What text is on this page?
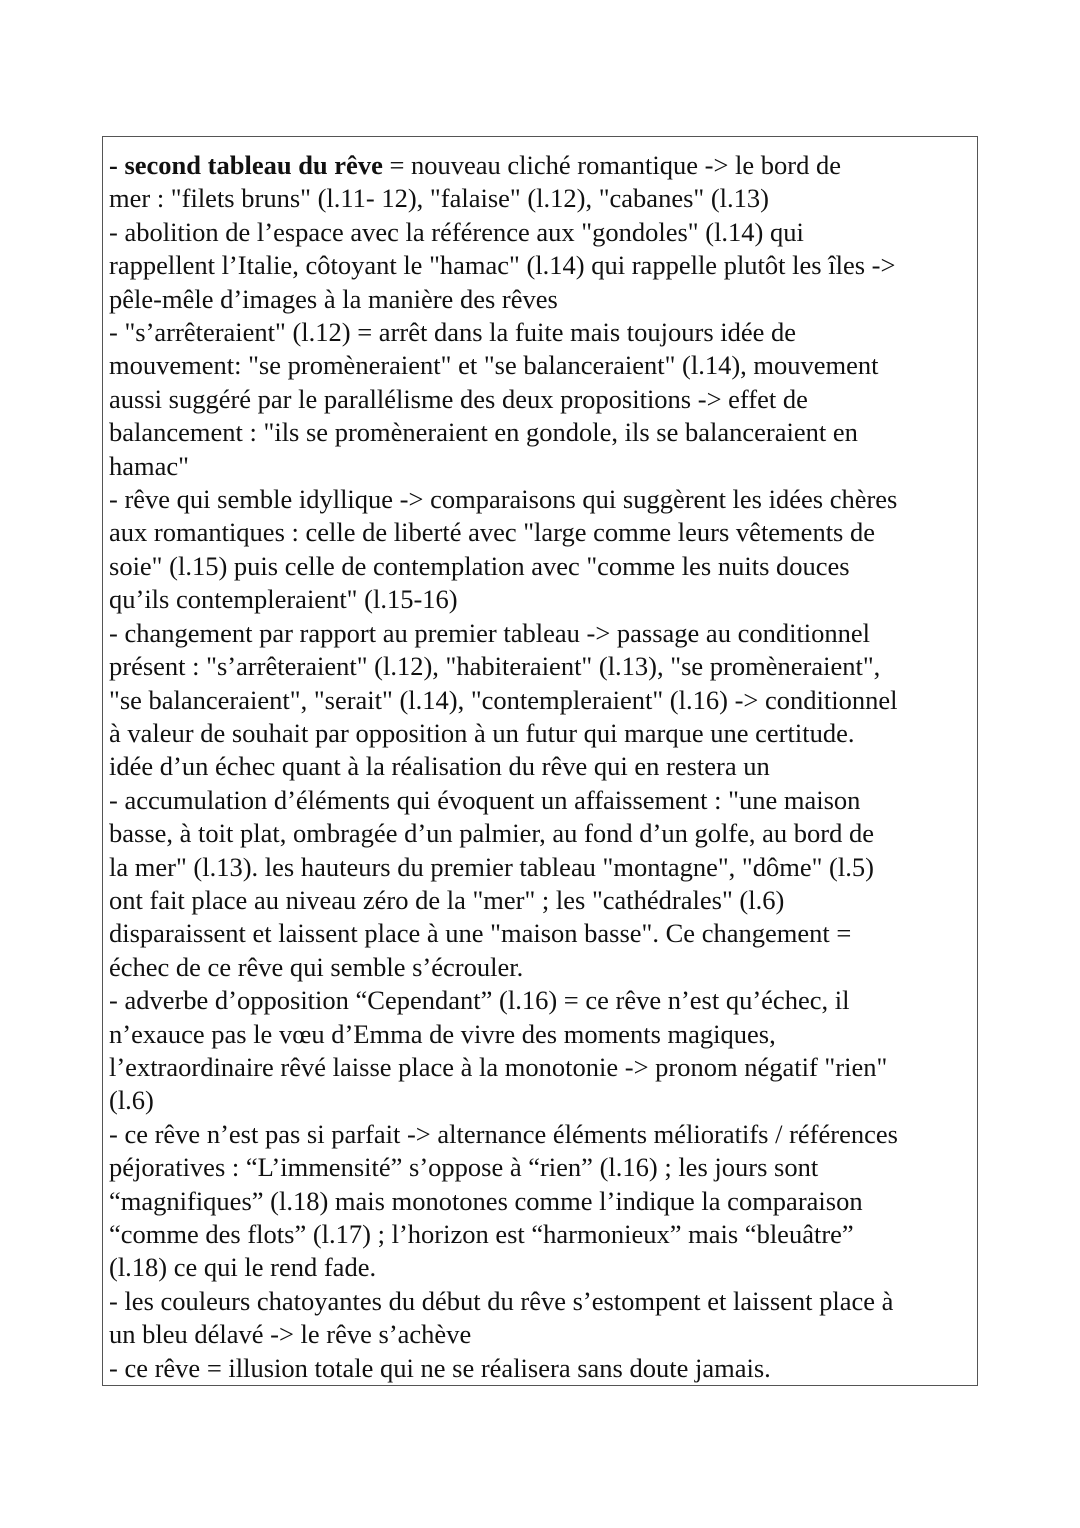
- second tableau du rêve = nouveau cliché romantique -> le bord de
mer : "filets bruns" (l.11- 12), "falaise" (l.12), "cabanes" (l.13)
- abolition de l’espace avec la référence aux "gondoles" (l.14) qui
rappellent l’Italie, côtoyant le "hamac" (l.14) qui rappelle plutôt les îles ->
pêle-mêle d’images à la manière des rêves
- "s’arrêteraient" (l.12) = arrêt dans la fuite mais toujours idée de
mouvement: "se promèneraient" et "se balanceraient" (l.14), mouvement
aussi suggéré par le parallélisme des deux propositions -> effet de
balancement : "ils se promèneraient en gondole, ils se balanceraient en
hamac"
- rêve qui semble idyllique -> comparaisons qui suggèrent les idées chères
aux romantiques : celle de liberté avec "large comme leurs vêtements de
soie" (l.15) puis celle de contemplation avec "comme les nuits douces
qu’ils contempleraient" (l.15-16)
- changement par rapport au premier tableau -> passage au conditionnel
présent : "s’arrêteraient" (l.12), "habiteraient" (l.13), "se promèneraient",
"se balanceraient", "serait" (l.14), "contempleraient" (l.16) -> conditionnel
à valeur de souhait par opposition à un futur qui marque une certitude.
idée d’un échec quant à la réalisation du rêve qui en restera un
- accumulation d’éléments qui évoquent un affaissement : "une maison
basse, à toit plat, ombragée d’un palmier, au fond d’un golfe, au bord de
la mer" (l.13). les hauteurs du premier tableau "montagne", "dôme" (l.5)
ont fait place au niveau zéro de la "mer" ; les "cathédrales" (l.6)
disparaissent et laissent place à une "maison basse". Ce changement =
échec de ce rêve qui semble s’écrouler.
- adverbe d’opposition “Cependant” (l.16) = ce rêve n’est qu’échec, il
n’exauce pas le vœu d’Emma de vivre des moments magiques,
l’extraordinaire rêvé laisse place à la monotonie -> pronom négatif "rien"
(l.6)
- ce rêve n’est pas si parfait -> alternance éléments mélioratifs / références
péjoratives : “L’immensité” s’oppose à “rien” (l.16) ; les jours sont
“magnifiques” (l.18) mais monotones comme l’indique la comparaison
“comme des flots” (l.17) ; l’horizon est “harmonieux” mais “bleuâtre”
(l.18) ce qui le rend fade.
- les couleurs chatoyantes du début du rêve s’estompent et laissent place à
un bleu délavé -> le rêve s’achève
- ce rêve = illusion totale qui ne se réalisera sans doute jamais.
